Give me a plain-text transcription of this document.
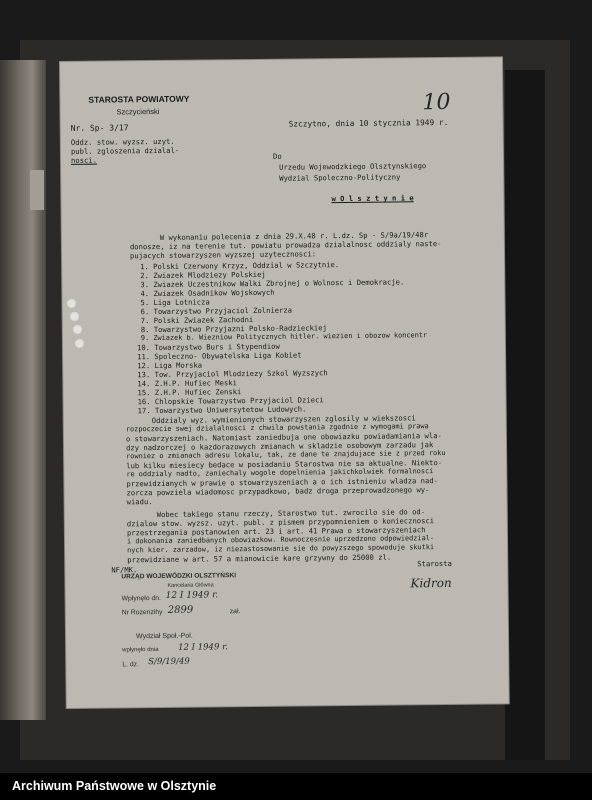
STAROSTA POWIATOWY
Szczycieński
Nr. Sp- 3/17
Oddz. stow. wyzsz. uzyt.
publ. zgloszenia dzialal-
nosci.
Szczytno, dnia 10 stycznia 1949 r.
10
Do
Urzedu Wojewodzkiego Olsztynskiego
Wydzial Spoleczno-Polityczny
w O l s z t y n i e
W wykonaniu polecenia z dnia 29.X.48 r. L.dz. Sp - S/9a/19/48r
donosze, iz na terenie tut. powiatu prowadza dzialalnosc oddzialy naste-
pujacych stowarzyszen wyzszej uzytecznosci:
1. Polski Czerwony Krzyz, Oddzial w Szczytnie.
2. Zwiazek Mlodziezy Polskiej
3. Zwiazek Uczestnikow Walki Zbrojnej o Wolnosc i Demokracje.
4. Zwiazek Osadnikow Wojskowych
5. Liga Lotnicza
6. Towarzystwo Przyjaciol Zolnierza
7. Polski Zwiazek Zachodni
8. Towarzystwo Przyjazni Polsko-Radzieckiej
9. Zwiazek b. Wiezniow Politycznych hitler. wiezien i obozow koncentr
10. Towarzystwo Burs i Stypendiow
11. Spoleczno- Obywatelska Liga Kobiet
12. Liga Morska
13. Tow. Przyjaciol Mlodziezy Szkol Wyzszych
14. Z.H.P. Hufiec Meski
15. Z.H.P. Hufiec Zenski
16. Chlopskie Towarzystwo Przyjaciol Dzieci
17. Towarzystwo Uniwersytetow Ludowych.
Oddzialy wyz. wymienionych stowarzyszen zglosily w wiekszosci
rozpoczecie swej dzialalnosci z chwila powstania zgodnie z wymogami prawa
o stowarzyszeniach. Natomiast zaniedbuja one obowiazku powiadamiania wla-
dzy nadzorczej o kazdorazowych zmianach w skladzie osobowym zarzadu jak
rowniez o zmianach adresu lokalu, tak, ze dane te znajdujace sie z przed roku
lub kilku miesiecy bedace w posiadaniu Starostwa nie sa aktualne. Niekto-
re oddzialy nadto, zaniechaly wogole dopelnienia jakichkolwiek formalnosci
przewidzianych w prawie o stowarzyszeniach a o ich istnieniu wladza nad-
zorcza powziela wiadomosc przypadkowo, badz droga przeprowadzonego wy-
wiadu.
Wobec takiego stanu rzeczy, Starostwo tut. zwrocilo sie do od-
dzialow stow. wyzsz. uzyt. publ. z pismem przypomnieniem o koniecznosci
przestrzegania postanowien art. 23 i art. 41 Prawa o stowarzyszeniach
i dokonania zaniedbanych obowiazkow. Rownoczesnie uprzedzono odpowiedzial-
nych kier. zarzadow, iz niezastosowanie sie do powyzszego spowoduje skutki
przewidziane w art. 57 a mianowicie kare grzywny do 25000 zl.
NF/MK.
Starosta
Kidron
URZĄD WOJEWÓDZKI OLSZTYŃSKI
Kancelaria Główna
Wpłynęło dn. 12 I 1949 r.
Nr Rozenzihy 2899	zał.
Wydział Społ.-Pol.
wpłynęło dnia 12 I 1949 r.
L. dz. S/9/19/49
Archiwum Państwowe w Olsztynie
